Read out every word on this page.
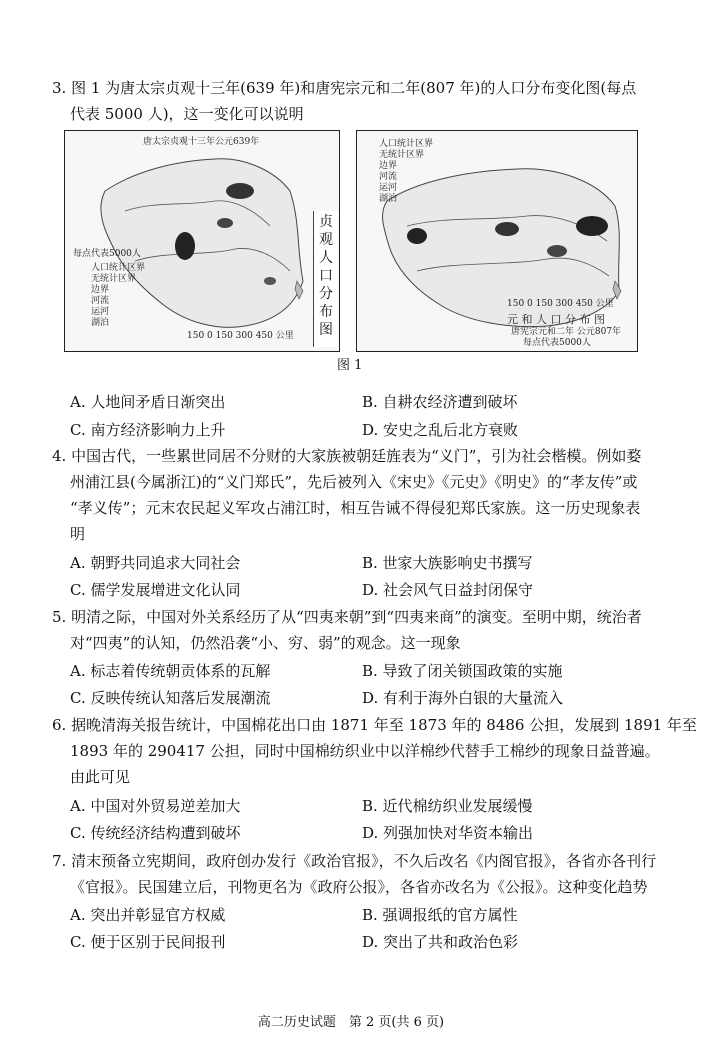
3. 图 1 为唐太宗贞观十三年(639 年)和唐宪宗元和二年(807 年)的人口分布变化图(每点
代表 5000 人)，这一变化可以说明
唐太宗贞观十三年公元639年
每点代表5000人
人口统计区界
无统计区界
边界
河流
运河
湖泊
150 0 150 300 450 公里
贞观人口分布图
人口统计区界
无统计区界
边界
河流
运河
湖泊
150 0 150 300 450 公里
元 和 人 口 分 布 图
唐宪宗元和二年 公元807年
每点代表5000人
图 1
A. 人地间矛盾日渐突出	B. 自耕农经济遭到破坏
C. 南方经济影响力上升	D. 安史之乱后北方衰败
4. 中国古代，一些累世同居不分财的大家族被朝廷旌表为“义门”，引为社会楷模。例如婺
州浦江县(今属浙江)的“义门郑氏”，先后被列入《宋史》《元史》《明史》的“孝友传”或
“孝义传”；元末农民起义军攻占浦江时，相互告诫不得侵犯郑氏家族。这一历史现象表
明
A. 朝野共同追求大同社会	B. 世家大族影响史书撰写
C. 儒学发展增进文化认同	D. 社会风气日益封闭保守
5. 明清之际，中国对外关系经历了从“四夷来朝”到“四夷来商”的演变。至明中期，统治者
对“四夷”的认知，仍然沿袭“小、穷、弱”的观念。这一现象
A. 标志着传统朝贡体系的瓦解	B. 导致了闭关锁国政策的实施
C. 反映传统认知落后发展潮流	D. 有利于海外白银的大量流入
6. 据晚清海关报告统计，中国棉花出口由 1871 年至 1873 年的 8486 公担，发展到 1891 年至
1893 年的 290417 公担，同时中国棉纺织业中以洋棉纱代替手工棉纱的现象日益普遍。
由此可见
A. 中国对外贸易逆差加大	B. 近代棉纺织业发展缓慢
C. 传统经济结构遭到破坏	D. 列强加快对华资本输出
7. 清末预备立宪期间，政府创办发行《政治官报》，不久后改名《内阁官报》，各省亦各刊行
《官报》。民国建立后，刊物更名为《政府公报》，各省亦改名为《公报》。这种变化趋势
A. 突出并彰显官方权威	B. 强调报纸的官方属性
C. 便于区别于民间报刊	D. 突出了共和政治色彩
高二历史试题　第 2 页(共 6 页)
